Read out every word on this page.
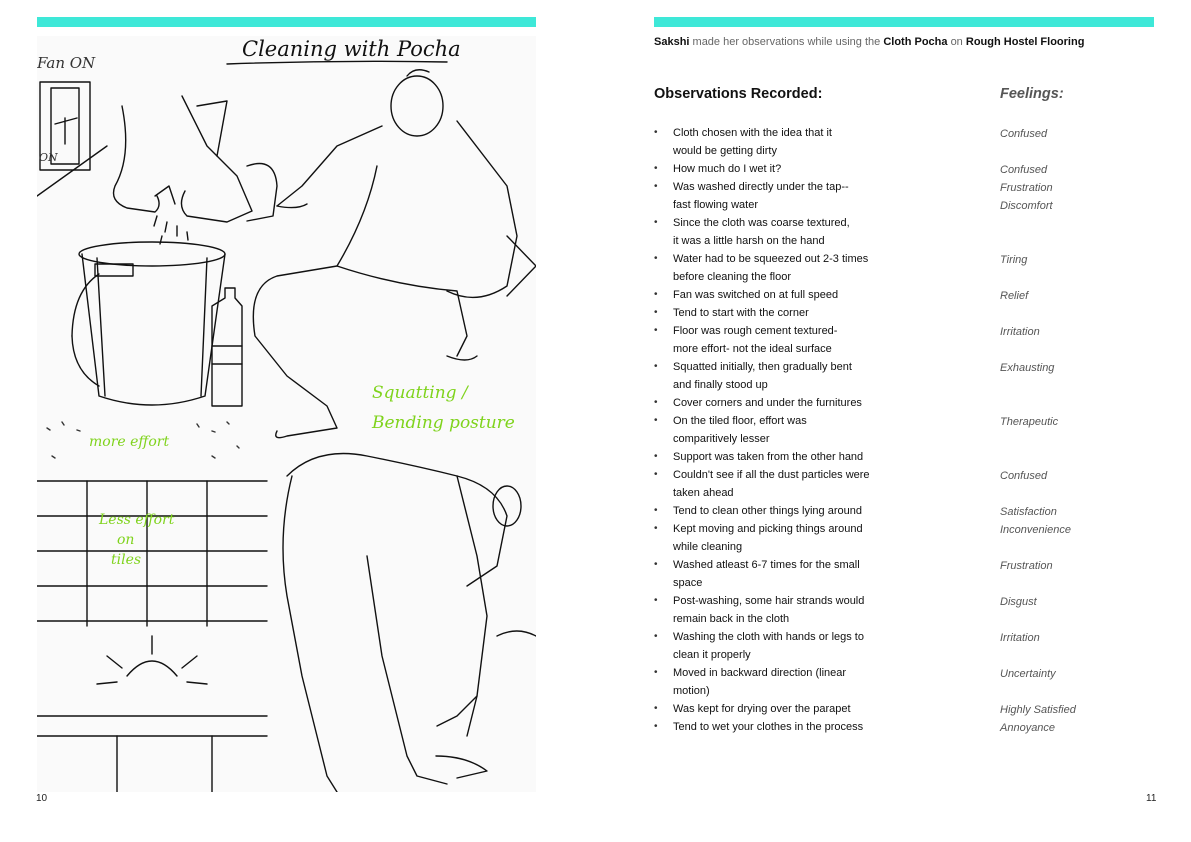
Cleaning with Pocha
Fan ON
ON
Squatting /
Bending posture
more effort
Less effort
on
tiles
10
Sakshi made her observations while using the Cloth Pocha on Rough Hostel Flooring
Observations Recorded:	Feelings:
• Cloth chosen with the idea that it
would be getting dirty
• How much do I wet it?
• Was washed directly under the tap--
fast flowing water
• Since the cloth was coarse textured,
it was a little harsh on the hand
• Water had to be squeezed out 2-3 times
before cleaning the floor
• Fan was switched on at full speed
• Tend to start with the corner
• Floor was rough cement textured-
more effort- not the ideal surface
• Squatted initially, then gradually bent
and finally stood up
• Cover corners and under the furnitures
• On the tiled floor, effort was
comparitively lesser
• Support was taken from the other hand
• Couldn't see if all the dust particles were
taken ahead
• Tend to clean other things lying around
• Kept moving and picking things around
while cleaning
• Washed atleast 6-7 times for the small
space
• Post-washing, some hair strands would
remain back in the cloth
• Washing the cloth with hands or legs to
clean it properly
• Moved in backward direction (linear
motion)
• Was kept for drying over the parapet
• Tend to wet your clothes in the process
Confused
Confused
Frustration
Discomfort
Tiring
Relief
Irritation
Exhausting
Therapeutic
Confused
Satisfaction
Inconvenience
Frustration
Disgust
Irritation
Uncertainty
Highly Satisfied
Annoyance
11
